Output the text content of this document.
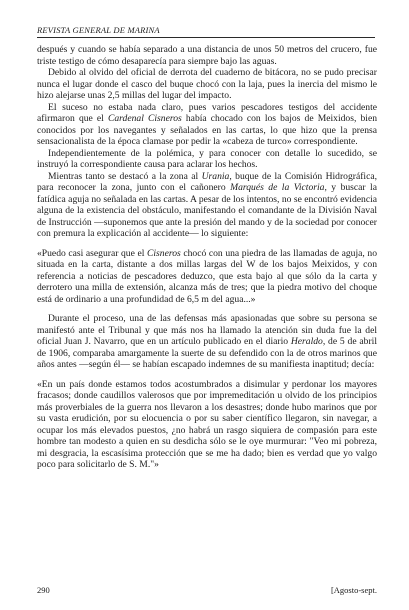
REVISTA GENERAL DE MARINA

después y cuando se había separado a una distancia de unos 50 metros del crucero, fue triste testigo de cómo desaparecía para siempre bajo las aguas.

Debido al olvido del oficial de derrota del cuaderno de bitácora, no se pudo precisar nunca el lugar donde el casco del buque chocó con la laja, pues la inercia del mismo le hizo alejarse unas 2,5 millas del lugar del impacto.

El suceso no estaba nada claro, pues varios pescadores testigos del accidente afirmaron que el Cardenal Cisneros había chocado con los bajos de Meixidos, bien conocidos por los navegantes y señalados en las cartas, lo que hizo que la prensa sensacionalista de la época clamase por pedir la «cabeza de turco» correspondiente.

Independientemente de la polémica, y para conocer con detalle lo sucedido, se instruyó la correspondiente causa para aclarar los hechos.

Mientras tanto se destacó a la zona al Urania, buque de la Comisión Hidrográfica, para reconocer la zona, junto con el cañonero Marqués de la Victoria, y buscar la fatídica aguja no señalada en las cartas. A pesar de los intentos, no se encontró evidencia alguna de la existencia del obstáculo, manifestando el comandante de la División Naval de Instrucción —suponemos que ante la presión del mando y de la sociedad por conocer con premura la explicación al accidente— lo siguiente:

«Puedo casi asegurar que el Cisneros chocó con una piedra de las llamadas de aguja, no situada en la carta, distante a dos millas largas del W de los bajos Meixidos, y con referencia a noticias de pescadores deduzco, que esta bajo al que sólo da la carta y derrotero una milla de extensión, alcanza más de tres; que la piedra motivo del choque está de ordinario a una profundidad de 6,5 m del agua...»

Durante el proceso, una de las defensas más apasionadas que sobre su persona se manifestó ante el Tribunal y que más nos ha llamado la atención sin duda fue la del oficial Juan J. Navarro, que en un artículo publicado en el diario Heraldo, de 5 de abril de 1906, comparaba amargamente la suerte de su defendido con la de otros marinos que años antes —según él— se habían escapado indemnes de su manifiesta inaptitud; decía:

«En un país donde estamos todos acostumbrados a disimular y perdonar los mayores fracasos; donde caudillos valerosos que por impremeditación u olvido de los principios más proverbiales de la guerra nos llevaron a los desastres; donde hubo marinos que por su vasta erudición, por su elocuencia o por su saber científico llegaron, sin navegar, a ocupar los más elevados puestos, ¿no habrá un rasgo siquiera de compasión para este hombre tan modesto a quien en su desdicha sólo se le oye murmurar: "Veo mi pobreza, mi desgracia, la escasísima protección que se me ha dado; bien es verdad que yo valgo poco para solicitarlo de S. M."»

290	[Agosto-sept.
